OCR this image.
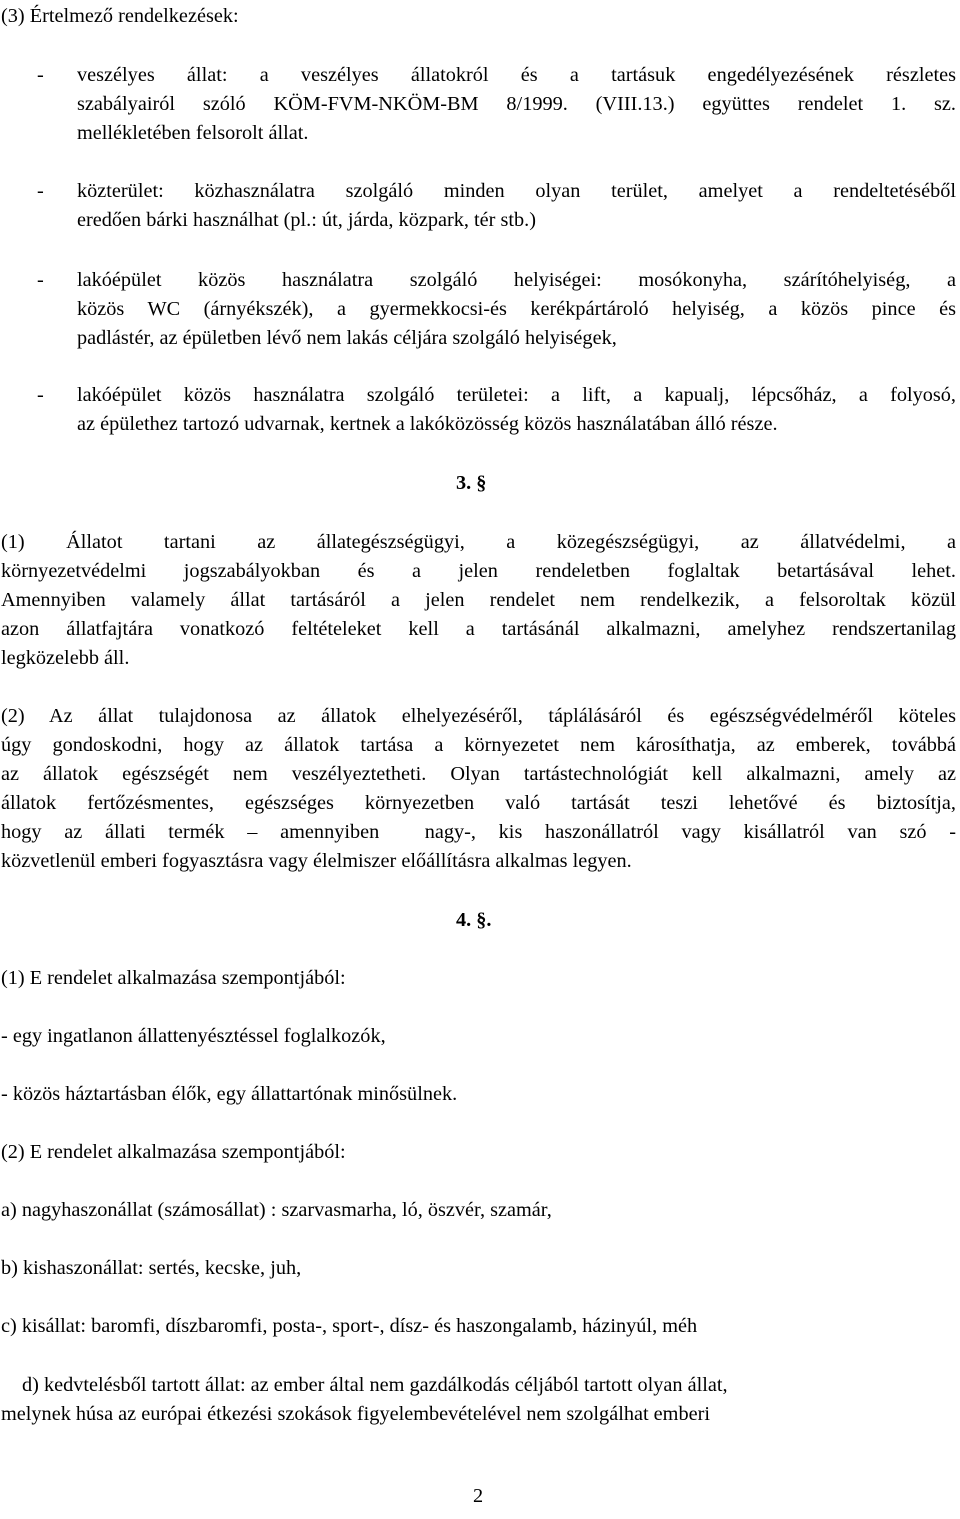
(3) Értelmező rendelkezések:
- veszélyes állat: a veszélyes állatokról és a tartásuk engedélyezésének részletes
szabályairól szóló KÖM-FVM-NKÖM-BM 8/1999. (VIII.13.) együttes rendelet 1. sz.
mellékletében felsorolt állat.
- közterület: közhasználatra szolgáló minden olyan terület, amelyet a rendeltetéséből
eredően bárki használhat (pl.: út, járda, közpark, tér stb.)
- lakóépület közös használatra szolgáló helyiségei: mosókonyha, szárítóhelyiség, a
közös WC (árnyékszék), a gyermekkocsi-és kerékpártároló helyiség, a közös pince és
padlástér, az épületben lévő nem lakás céljára szolgáló helyiségek,
- lakóépület közös használatra szolgáló területei: a lift, a kapualj, lépcsőház, a folyosó,
az épülethez tartozó udvarnak, kertnek a lakóközösség közös használatában álló része.
3. §
(1) Állatot tartani az állategészségügyi, a közegészségügyi, az állatvédelmi, a
környezetvédelmi jogszabályokban és a jelen rendeletben foglaltak betartásával lehet.
Amennyiben valamely állat tartásáról a jelen rendelet nem rendelkezik, a felsoroltak közül
azon állatfajtára vonatkozó feltételeket kell a tartásánál alkalmazni, amelyhez rendszertanilag
legközelebb áll.
(2) Az állat tulajdonosa az állatok elhelyezéséről, táplálásáról és egészségvédelméről köteles
úgy gondoskodni, hogy az állatok tartása a környezetet nem károsíthatja, az emberek, továbbá
az állatok egészségét nem veszélyeztetheti. Olyan tartástechnológiát kell alkalmazni, amely az
állatok fertőzésmentes, egészséges környezetben való tartását teszi lehetővé és biztosítja,
hogy az állati termék – amennyiben  nagy-, kis haszonállatról vagy kisállatról van szó -
közvetlenül emberi fogyasztásra vagy élelmiszer előállításra alkalmas legyen.
4. §.
(1) E rendelet alkalmazása szempontjából:
- egy ingatlanon állattenyésztéssel foglalkozók,
- közös háztartásban élők, egy állattartónak minősülnek.
(2) E rendelet alkalmazása szempontjából:
a) nagyhaszonállat (számosállat) : szarvasmarha, ló, öszvér, szamár,
b) kishaszonállat: sertés, kecske, juh,
c) kisállat: baromfi, díszbaromfi, posta-, sport-, dísz- és haszongalamb, házinyúl, méh
d) kedvtelésből tartott állat: az ember által nem gazdálkodás céljából tartott olyan állat,
melynek húsa az európai étkezési szokások figyelembevételével nem szolgálhat emberi
2
